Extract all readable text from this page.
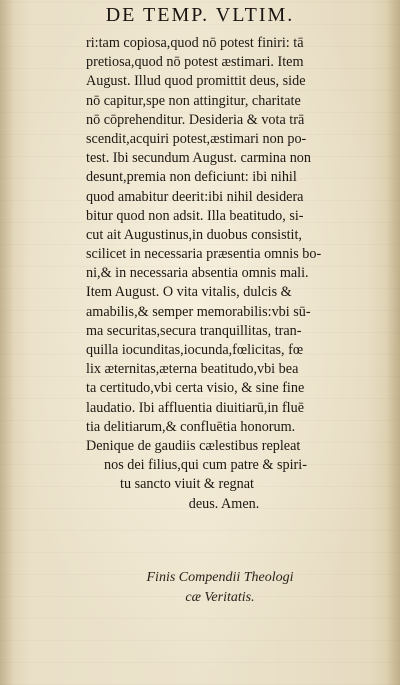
DE TEMP. VLTIM.
ri:tam copiosa,quod nō potest finiri: tā
pretiosa,quod nō potest æstimari. Item
August. Illud quod promittit deus, side
nō capitur,spe non attingitur, charitate
nō cōprehenditur. Desideria & vota trā
scendit,acquiri potest,æstimari non po-
test. Ibi secundum August. carmina non
desunt,premia non deficiunt: ibi nihil
quod amabitur deerit:ibi nihil desidera
bitur quod non adsit. Illa beatitudo, si-
cut ait Augustinus,in duobus consistit,
scilicet in necessaria præsentia omnis bo-
ni,& in necessaria absentia omnis mali.
Item August. O vita vitalis, dulcis &
amabilis,& semper memorabilis:vbi sū-
ma securitas,secura tranquillitas, tran-
quilla iocunditas,iocunda,fœlicitas, fœ
lix æternitas,æterna beatitudo,vbi bea
ta certitudo,vbi certa visio, & sine fine
laudatio. Ibi affluentia diuitiarū,in fluē
tia delitiarum,& confluētia honorum.
Denique de gaudiis cælestibus repleat
nos dei filius,qui cum patre & spiri-
tu sancto viuit & regnat
deus. Amen.
Finis Compendii Theologi
cæ Veritatis.
